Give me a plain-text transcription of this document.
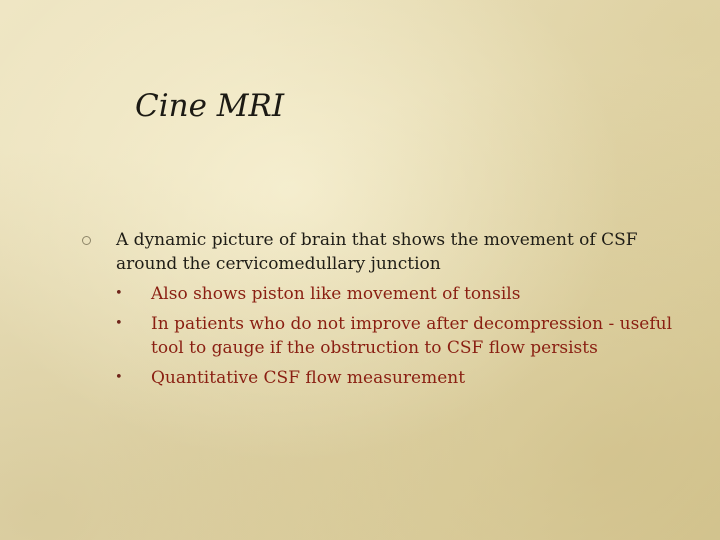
Cine MRI
A dynamic picture of brain that shows the movement of CSF around the cervicomedullary junction
• Also shows piston like movement of tonsils
• In patients who do not improve after decompression - useful tool to gauge if the obstruction to CSF flow persists
• Quantitative CSF flow measurement
